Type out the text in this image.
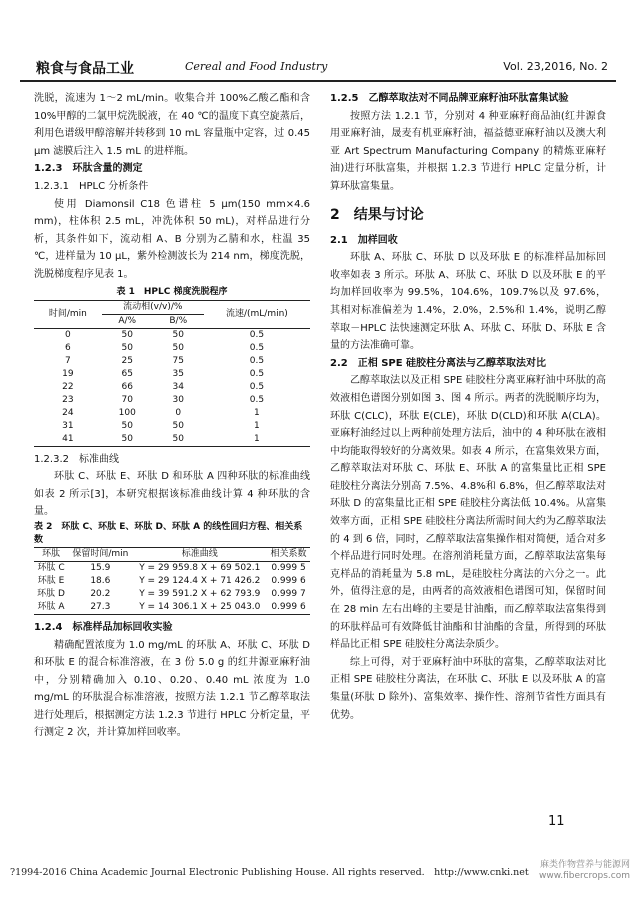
粮食与食品工业	Cereal and Food Industry	Vol. 23,2016, No. 2

洗脱，流速为 1～2 mL/min。收集合并 100%乙酸乙酯和含 10%甲醇的二氯甲烷洗脱液，在 40 ℃的温度下真空旋蒸后，利用色谱级甲醇溶解并转移到 10 mL 容量瓶中定容，过 0.45 μm 滤膜后注入 1.5 mL 的进样瓶。

1.2.3　环肽含量的测定

1.2.3.1　HPLC 分析条件

使用 Diamonsil C18 色谱柱 5 μm(150 mm×4.6 mm)，柱体积 2.5 mL，冲洗体积 50 mL)，对样品进行分析，其条件如下，流动相 A、B 分别为乙腈和水，柱温 35 ℃，进样量为 10 μL，紫外检测波长为 214 nm，梯度洗脱，洗脱梯度程序见表 1。

表 1　HPLC 梯度洗脱程序

时间/min	流动相(v/v)/%		流速/(mL/min)
	A/%	B/%	
0	50	50	0.5
6	50	50	0.5
7	25	75	0.5
19	65	35	0.5
22	66	34	0.5
23	70	30	0.5
24	100	0	1
31	50	50	1
41	50	50	1

1.2.3.2　标准曲线

环肽 C、环肽 E、环肽 D 和环肽 A 四种环肽的标准曲线如表 2 所示[3]，本研究根据该标准曲线计算 4 种环肽的含量。

表 2　环肽 C、环肽 E、环肽 D、环肽 A 的线性回归方程、相关系数

环肽	保留时间/min	标准曲线	相关系数
环肽 C	15.9	Y = 29 959.8 X + 69 502.1	0.999 5
环肽 E	18.6	Y = 29 124.4 X + 71 426.2	0.999 6
环肽 D	20.2	Y = 39 591.2 X + 62 793.9	0.999 7
环肽 A	27.3	Y = 14 306.1 X + 25 043.0	0.999 6

1.2.4　标准样品加标回收实验

精确配置浓度为 1.0 mg/mL 的环肽 A、环肽 C、环肽 D 和环肽 E 的混合标准溶液，在 3 份 5.0 g 的红井源亚麻籽油中，分别精确加入 0.10、0.20、0.40 mL 浓度为 1.0 mg/mL 的环肽混合标准溶液，按照方法 1.2.1 节乙醇萃取法进行处理后，根据测定方法 1.2.3 节进行 HPLC 分析定量，平行测定 2 次，并计算加样回收率。

1.2.5　乙醇萃取法对不同品牌亚麻籽油环肽富集试验

按照方法 1.2.1 节，分别对 4 种亚麻籽商品油(红井源食用亚麻籽油，晟麦有机亚麻籽油，福益德亚麻籽油以及澳大利亚 Art Spectrum Manufacturing Company 的精炼亚麻籽油)进行环肽富集，并根据 1.2.3 节进行 HPLC 定量分析，计算环肽富集量。

2　结果与讨论

2.1　加样回收

环肽 A、环肽 C、环肽 D 以及环肽 E 的标准样品加标回收率如表 3 所示。环肽 A、环肽 C、环肽 D 以及环肽 E 的平均加样回收率为 99.5%，104.6%，109.7%以及 97.6%，其相对标准偏差为 1.4%，2.0%，2.5%和 1.4%，说明乙醇萃取－HPLC 法快速测定环肽 A、环肽 C、环肽 D、环肽 E 含量的方法准确可靠。

2.2　正相 SPE 硅胶柱分离法与乙醇萃取法对比

乙醇萃取法以及正相 SPE 硅胶柱分离亚麻籽油中环肽的高效液相色谱图分别如图 3、图 4 所示。两者的洗脱顺序均为，环肽 C(CLC)，环肽 E(CLE)，环肽 D(CLD)和环肽 A(CLA)。亚麻籽油经过以上两种前处理方法后，油中的 4 种环肽在液相中均能取得较好的分离效果。如表 4 所示，在富集效果方面，乙醇萃取法对环肽 C、环肽 E、环肽 A 的富集量比正相 SPE 硅胶柱分离法分别高 7.5%、4.8%和 6.8%，但乙醇萃取法对环肽 D 的富集量比正相 SPE 硅胶柱分离法低 10.4%。从富集效率方面，正相 SPE 硅胶柱分离法所需时间大约为乙醇萃取法的 4 到 6 倍，同时，乙醇萃取法富集操作相对简便，适合对多个样品进行同时处理。在溶剂消耗量方面，乙醇萃取法富集每克样品的消耗量为 5.8 mL，是硅胶柱分离法的六分之一。此外，值得注意的是，由两者的高效液相色谱图可知，保留时间在 28 min 左右出峰的主要是甘油酯，而乙醇萃取法富集得到的环肽样品可有效降低甘油酯和甘油酯的含量，所得到的环肽样品比正相 SPE 硅胶柱分离法杂质少。

综上可得，对于亚麻籽油中环肽的富集，乙醇萃取法对比正相 SPE 硅胶柱分离法，在环肽 C、环肽 E 以及环肽 A 的富集量(环肽 D 除外)、富集效率、操作性、溶剂节省性方面具有优势。

11
?1994-2016 China Academic Journal Electronic Publishing House. All rights reserved.　http://www.cnki.net
麻类作物营养与能源网
www.fibercrops.com
